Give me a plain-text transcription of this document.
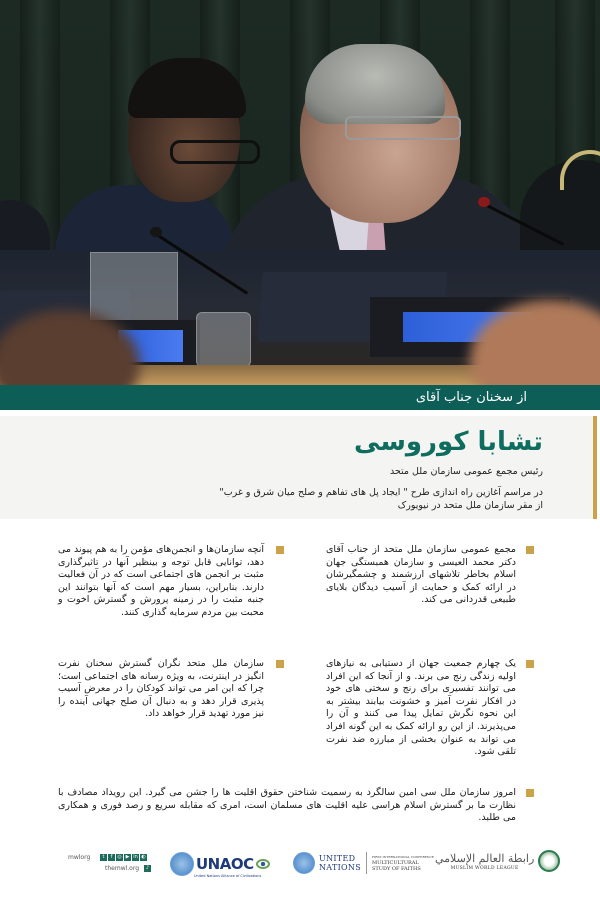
از سخنان جناب آقای
تشابا کوروسی
رئیس مجمع عمومی سازمان ملل متحد
در مراسم آغازین راه اندازی طرح " ایجاد پل های تفاهم و صلح میان شرق و غرب"
از مقر سازمان ملل متحد در نیویورک
مجمع عمومی سازمان ملل متحد از جناب آقای دکتر محمد العیسی و سازمان همبستگی جهان اسلام بخاطر تلاشهای ارزشمند و چشمگیرشان در ارائه کمک و حمایت از آسیب دیدگان بلایای طبیعی قدردانی می کند.
آنچه سازمان‌ها و انجمن‌های مؤمن را به هم پیوند می دهد، توانایی قابل توجه و بینظیر آنها در تاثیرگذاری مثبت بر انجمن های اجتماعی است که در آن فعالیت دارند. بنابراین، بسیار مهم است که آنها بتوانند این جنبه مثبت را در زمینه پرورش و گسترش اخوت و محبت بین مردم سرمایه گذاری کنند.
یک چهارم جمعیت جهان از دستیابی به نیازهای اولیه زندگی رنج می برند. و از آنجا که این افراد می توانند تفسیری برای رنج و سختی های خود در افکار نفرت آمیز و خشونت بیابند بیشتر به این نحوه نگرش تمایل پیدا می کنند و آن را می‌پذیرند. از این رو ارائه کمک به این گونه افراد می تواند به عنوان بخشی از مبارزه ضد نفرت تلقی شود.
سازمان ملل متحد نگران گسترش سخنان نفرت انگیز در اینترنت، به ویژه رسانه های اجتماعی است؛ چرا که این امر می تواند کودکان را در معرض آسیب پذیری قرار دهد و به دنبال آن صلح جهانی آینده را نیز مورد تهدید قرار خواهد داد.
امروز سازمان ملل سی امین سالگرد به رسمیت شناختن حقوق اقلیت ها را جشن می گیرد. این رویداد مصادف با نظارت ما بر گسترش اسلام هراسی علیه اقلیت های مسلمان است، امری که مقابله سریع و رصد فوری و همکاری می طلبد.
mwlorg	t	f ◎ ▶ in ◐
themwl.org	♪	UNAOC
United Nations Alliance of Civilizations
UNITED
NATIONS
FIRST INTERNATIONAL CONFERENCE
MULTICULTURAL
STUDY OF FAITHS
رابطة العالم الإسلامي
MUSLIM WORLD LEAGUE
